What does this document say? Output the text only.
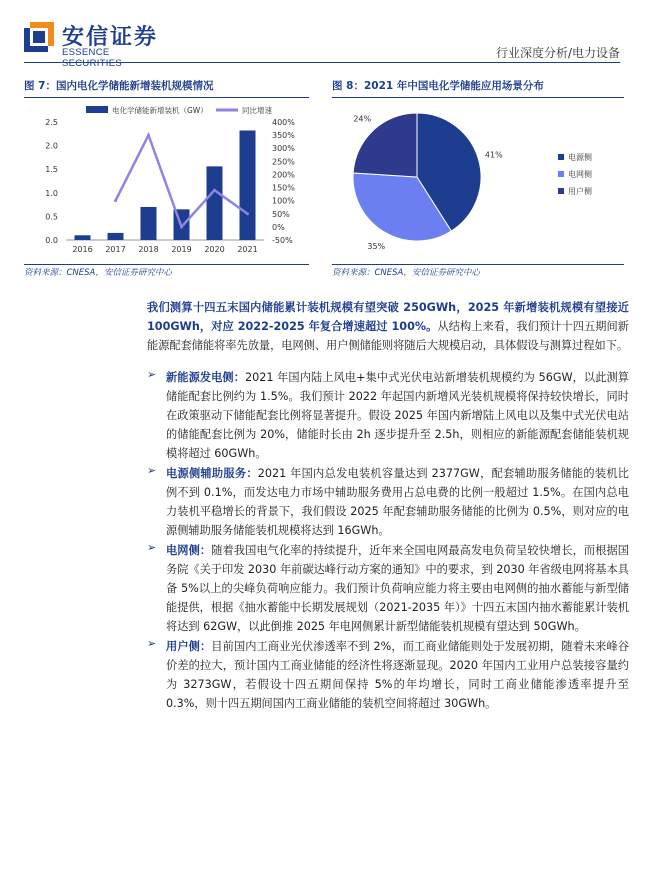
安信证券
ESSENCE SECURITIES
行业深度分析/电力设备
图 7：国内电化学储能新增装机规模情况
0.0
0.5
1.0
1.5
2.0
2.5	400%
350%
300%
250%
200%
150%
100%
50%
0%
-50%
2016 2017 2018 2019 2020 2021
电化学储能新增装机（GW）	同比增速
资料来源：CNESA，安信证券研究中心
图 8：2021 年中国电化学储能应用场景分布
41%
35%
24%
电源侧
电网侧
用户侧
资料来源：CNESA，安信证券研究中心
我们测算十四五末国内储能累计装机规模有望突破 250GWh，2025 年新增装机规模有望接近 100GWh，对应 2022-2025 年复合增速超过 100%。从结构上来看，我们预计十四五期间新能源配套储能将率先放量，电网侧、用户侧储能则将随后大规模启动，具体假设与测算过程如下。
➢ 新能源发电侧：2021 年国内陆上风电+集中式光伏电站新增装机规模约为 56GW，以此测算储能配套比例约为 1.5%。我们预计 2022 年起国内新增风光装机规模将保持较快增长，同时在政策驱动下储能配套比例将显著提升。假设 2025 年国内新增陆上风电以及集中式光伏电站的储能配套比例为 20%，储能时长由 2h 逐步提升至 2.5h，则相应的新能源配套储能装机规模将超过 60GWh。
➢ 电源侧辅助服务：2021 年国内总发电装机容量达到 2377GW，配套辅助服务储能的装机比例不到 0.1%，而发达电力市场中辅助服务费用占总电费的比例一般超过 1.5%。在国内总电力装机平稳增长的背景下，我们假设 2025 年配套辅助服务储能的比例为 0.5%，则对应的电源侧辅助服务储能装机规模将达到 16GWh。
➢ 电网侧：随着我国电气化率的持续提升，近年来全国电网最高发电负荷呈较快增长，而根据国务院《关于印发 2030 年前碳达峰行动方案的通知》中的要求，到 2030 年省级电网将基本具备 5%以上的尖峰负荷响应能力。我们预计负荷响应能力将主要由电网侧的抽水蓄能与新型储能提供，根据《抽水蓄能中长期发展规划（2021-2035 年）》十四五末国内抽水蓄能累计装机将达到 62GW，以此倒推 2025 年电网侧累计新型储能装机规模有望达到 50GWh。
➢ 用户侧：目前国内工商业光伏渗透率不到 2%，而工商业储能则处于发展初期，随着未来峰谷价差的拉大，预计国内工商业储能的经济性将逐渐显现。2020 年国内工业用户总装接容量约为 3273GW，若假设十四五期间保持 5%的年均增长，同时工商业储能渗透率提升至 0.3%，则十四五期间国内工商业储能的装机空间将超过 30GWh。
